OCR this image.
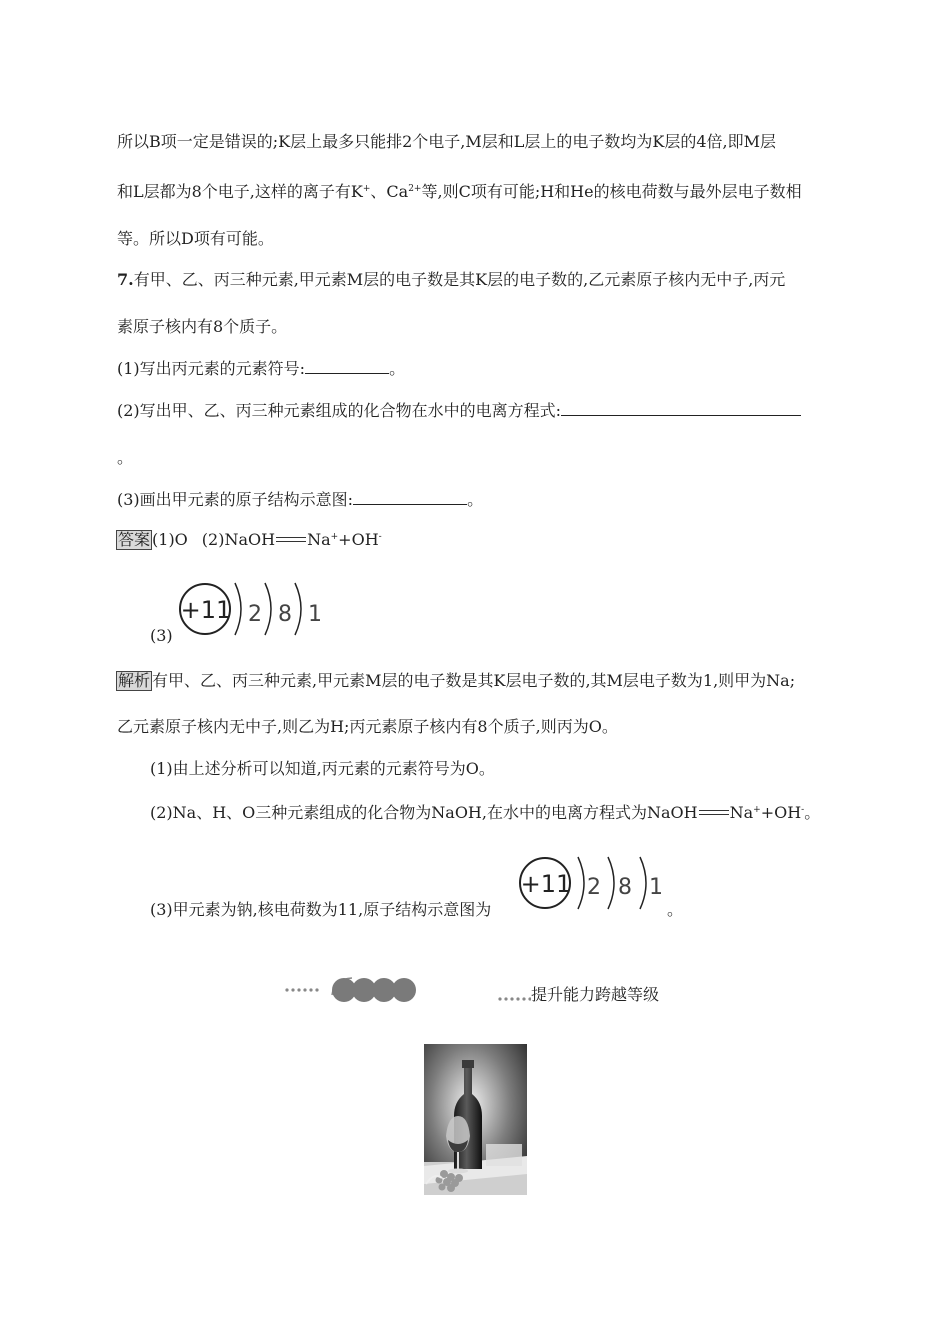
所以B项一定是错误的;K层上最多只能排2个电子,M层和L层上的电子数均为K层的4倍,即M层
和L层都为8个电子,这样的离子有K+、$Ca^{2+}$等,则C项有可能;H和He的核电荷数与最外层电子数相
等。所以D项有可能。
7.有甲、乙、丙三种元素,甲元素M层的电子数是其K层的电子数的,乙元素原子核内无中子,丙元
素原子核内有8个质子。
(1)写出丙元素的元素符号:	。
(2)写出甲、乙、丙三种元素组成的化合物在水中的电离方程式:
。
(3)画出甲元素的原子结构示意图:	。
答案 (1)O (2)NaOH Na++OH-
(3)
+11 2 8 1
解析 有甲、乙、丙三种元素,甲元素M层的电子数是其K层电子数的,其M层电子数为1,则甲为Na;
乙元素原子核内无中子,则乙为H;丙元素原子核内有8个质子,则丙为O。
(1)由上述分析可以知道,丙元素的元素符号为O。
(2)Na、H、O三种元素组成的化合物为NaOH,在水中的电离方程式为NaOH Na++OH-。
(3)甲元素为钠,核电荷数为11,原子结构示意图为	。
+11 2 8 1
提升能力跨越等级
